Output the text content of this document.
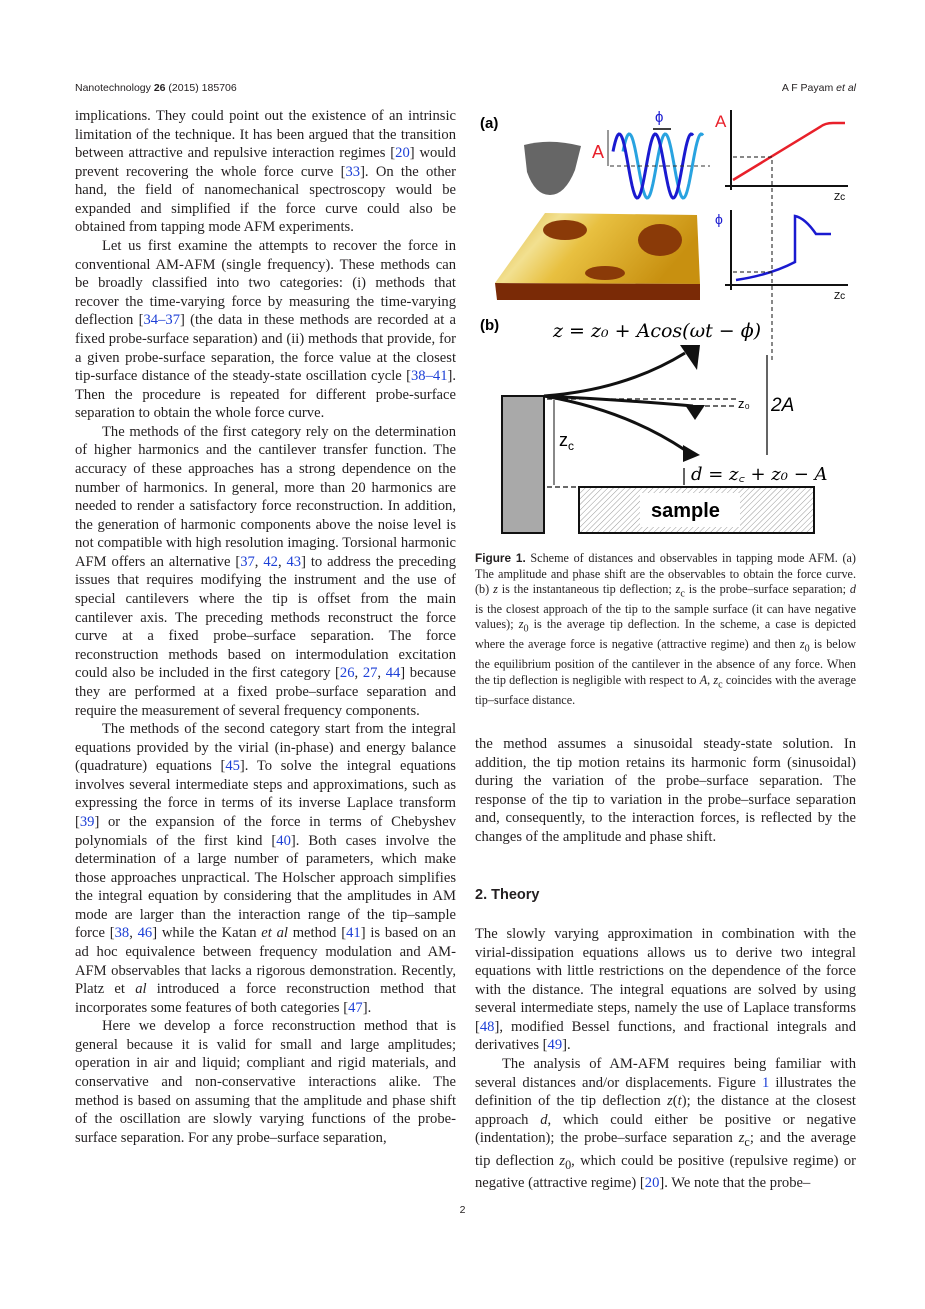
Nanotechnology 26 (2015) 185706	A F Payam et al

implications. They could point out the existence of an intrinsic limitation of the technique. It has been argued that the transition between attractive and repulsive interaction regimes [20] would prevent recovering the whole force curve [33]. On the other hand, the field of nanomechanical spectroscopy would be expanded and simplified if the force curve could also be obtained from tapping mode AFM experiments.

Let us first examine the attempts to recover the force in conventional AM-AFM (single frequency). These methods can be broadly classified into two categories: (i) methods that recover the time-varying force by measuring the time-varying deflection [34–37] (the data in these methods are recorded at a fixed probe-surface separation) and (ii) methods that provide, for a given probe-surface separation, the force value at the closest tip-surface distance of the steady-state oscillation cycle [38–41]. Then the procedure is repeated for different probe-surface separation to obtain the whole force curve.

The methods of the first category rely on the determination of higher harmonics and the cantilever transfer function. The accuracy of these approaches has a strong dependence on the number of harmonics. In general, more than 20 harmonics are needed to render a satisfactory force reconstruction. In addition, the generation of harmonic components above the noise level is not compatible with high resolution imaging. Torsional harmonic AFM offers an alternative [37, 42, 43] to address the preceding issues that requires modifying the instrument and the use of special cantilevers where the tip is offset from the main cantilever axis. The preceding methods reconstruct the force curve at a fixed probe–surface separation. The force reconstruction methods based on intermodulation excitation could also be included in the first category [26, 27, 44] because they are performed at a fixed probe–surface separation and require the measurement of several frequency components.

The methods of the second category start from the integral equations provided by the virial (in-phase) and energy balance (quadrature) equations [45]. To solve the integral equations involves several intermediate steps and approximations, such as expressing the force in terms of its inverse Laplace transform [39] or the expansion of the force in terms of Chebyshev polynomials of the first kind [40]. Both cases involve the determination of a large number of parameters, which make those approaches unpractical. The Holscher approach simplifies the integral equation by considering that the amplitudes in AM mode are larger than the interaction range of the tip–sample force [38, 46] while the Katan et al method [41] is based on an ad hoc equivalence between frequency modulation and AM-AFM observables that lacks a rigorous demonstration. Recently, Platz et al introduced a force reconstruction method that incorporates some features of both categories [47].

Here we develop a force reconstruction method that is general because it is valid for small and large amplitudes; operation in air and liquid; compliant and rigid materials, and conservative and non-conservative interactions alike. The method is based on assuming that the amplitude and phase shift of the oscillation are slowly varying functions of the probe-surface separation. For any probe–surface separation,

(a)
A
ϕ	A
Zc
ϕ
Zc
(b)	z = z₀ + Acos(ωt − ϕ)
$z_c$
z₀ 2A
d = z꜀ + z₀ − A
sample
Figure 1. Scheme of distances and observables in tapping mode AFM. (a) The amplitude and phase shift are the observables to obtain the force curve. (b) z is the instantaneous tip deflection; $z_c$ is the probe–surface separation; d is the closest approach of the tip to the sample surface (it can have negative values); $z_0$ is the average tip deflection. In the scheme, a case is depicted where the average force is negative (attractive regime) and then $z_0$ is below the equilibrium position of the cantilever in the absence of any force. When the tip deflection is negligible with respect to A, $z_c$ coincides with the average tip–surface distance.

the method assumes a sinusoidal steady-state solution. In addition, the tip motion retains its harmonic form (sinusoidal) during the variation of the probe–surface separation. The response of the tip to variation in the probe–surface separation and, consequently, to the interaction forces, is reflected by the changes of the amplitude and phase shift.

2. Theory

The slowly varying approximation in combination with the virial-dissipation equations allows us to derive two integral equations with little restrictions on the dependence of the force with the distance. The integral equations are solved by using several intermediate steps, namely the use of Laplace transforms [48], modified Bessel functions, and fractional integrals and derivatives [49].

The analysis of AM-AFM requires being familiar with several distances and/or displacements. Figure 1 illustrates the definition of the tip deflection z(t); the distance at the closest approach d, which could either be positive or negative (indentation); the probe–surface separation $z_c$; and the average tip deflection $z_0$, which could be positive (repulsive regime) or negative (attractive regime) [20]. We note that the probe–

2
